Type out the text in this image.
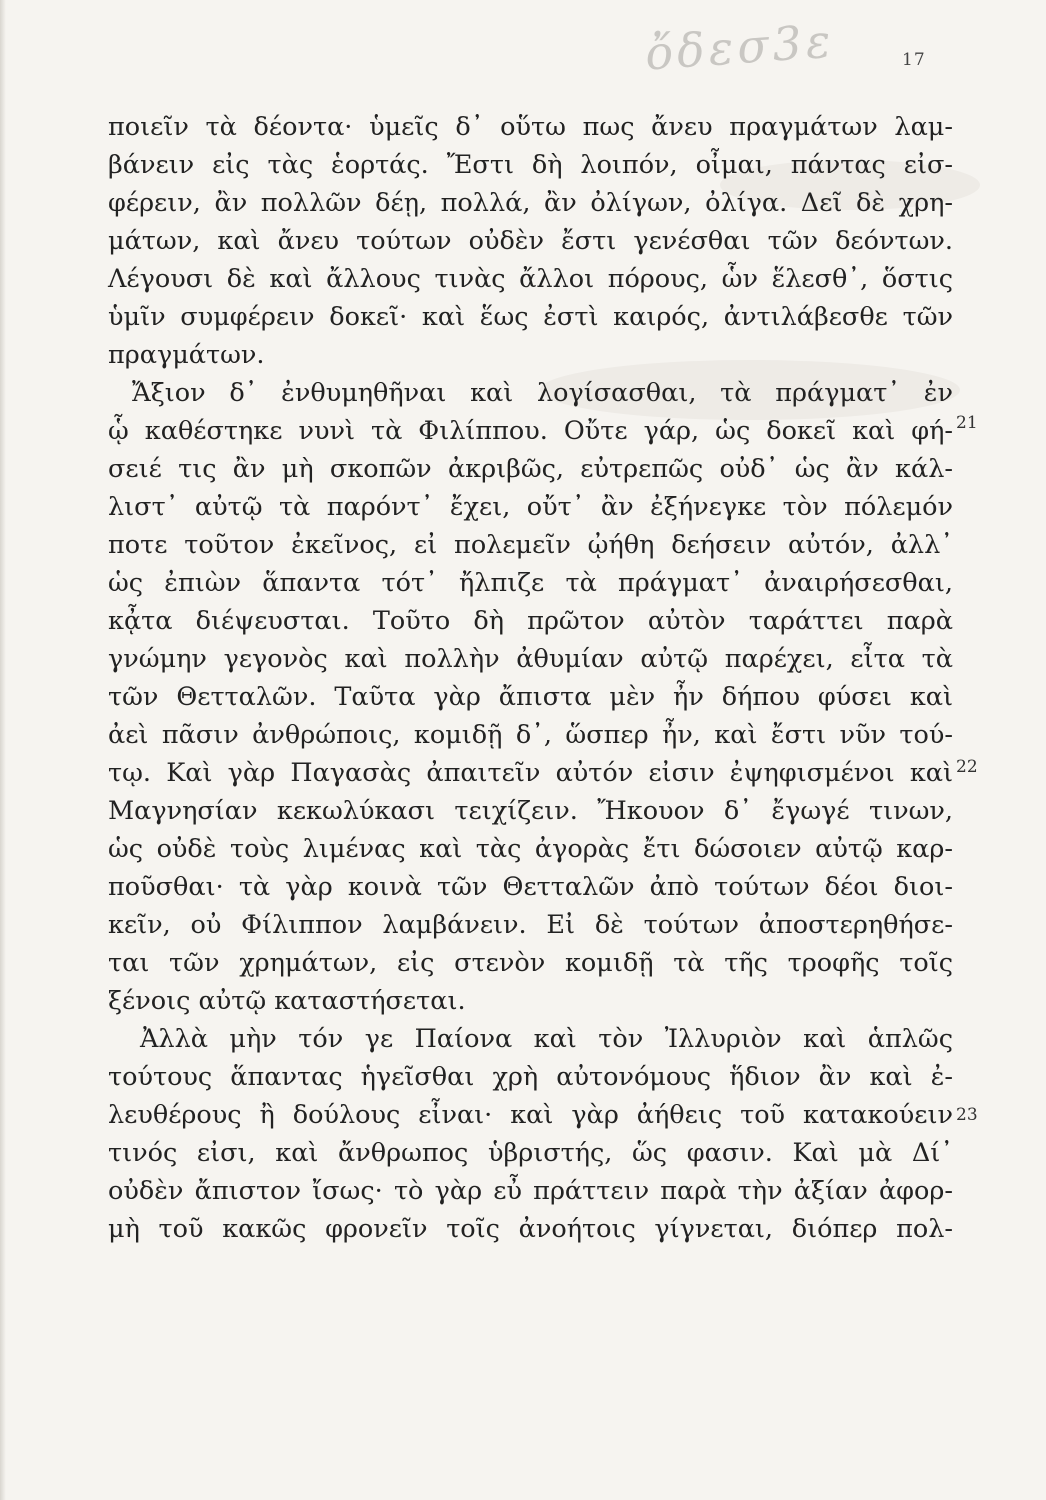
ὄδεσ3ε	17
ποιεῖν τὰ δέοντα· ὑμεῖς δ᾽ οὕτω πως ἄνευ πραγμάτων λαμ-
βάνειν εἰς τὰς ἑορτάς. Ἔστι δὴ λοιπόν, οἶμαι, πάντας εἰσ-
φέρειν, ἂν πολλῶν δέῃ, πολλά, ἂν ὀλίγων, ὀλίγα. Δεῖ δὲ χρη-
μάτων, καὶ ἄνευ τούτων οὐδὲν ἔστι γενέσθαι τῶν δεόντων.
Λέγουσι δὲ καὶ ἄλλους τινὰς ἄλλοι πόρους, ὧν ἕλεσθ᾽, ὅστις
ὑμῖν συμφέρειν δοκεῖ· καὶ ἕως ἐστὶ καιρός, ἀντιλάβεσθε τῶν
πραγμάτων.
Ἄξιον δ᾽ ἐνθυμηθῆναι καὶ λογίσασθαι, τὰ πράγματ᾽ ἐν
ᾧ καθέστηκε νυνὶ τὰ Φιλίππου. Οὔτε γάρ, ὡς δοκεῖ καὶ φή-
σειέ τις ἂν μὴ σκοπῶν ἀκριβῶς, εὐτρεπῶς οὐδ᾽ ὡς ἂν κάλ-
λιστ᾽ αὐτῷ τὰ παρόντ᾽ ἔχει, οὔτ᾽ ἂν ἐξήνεγκε τὸν πόλεμόν
ποτε τοῦτον ἐκεῖνος, εἰ πολεμεῖν ᾠήθη δεήσειν αὐτόν, ἀλλ᾽
ὡς ἐπιὼν ἅπαντα τότ᾽ ἤλπιζε τὰ πράγματ᾽ ἀναιρήσεσθαι,
κᾆτα διέψευσται. Τοῦτο δὴ πρῶτον αὐτὸν ταράττει παρὰ
γνώμην γεγονὸς καὶ πολλὴν ἀθυμίαν αὐτῷ παρέχει, εἶτα τὰ
τῶν Θετταλῶν. Ταῦτα γὰρ ἄπιστα μὲν ἦν δήπου φύσει καὶ
ἀεὶ πᾶσιν ἀνθρώποις, κομιδῇ δ᾽, ὥσπερ ἦν, καὶ ἔστι νῦν τού-
τῳ. Καὶ γὰρ Παγασὰς ἀπαιτεῖν αὐτόν εἰσιν ἐψηφισμένοι καὶ
Μαγνησίαν κεκωλύκασι τειχίζειν. Ἤκουον δ᾽ ἔγωγέ τινων,
ὡς οὐδὲ τοὺς λιμένας καὶ τὰς ἀγορὰς ἔτι δώσοιεν αὐτῷ καρ-
ποῦσθαι· τὰ γὰρ κοινὰ τῶν Θετταλῶν ἀπὸ τούτων δέοι διοι-
κεῖν, οὐ Φίλιππον λαμβάνειν. Εἰ δὲ τούτων ἀποστερηθήσε-
ται τῶν χρημάτων, εἰς στενὸν κομιδῇ τὰ τῆς τροφῆς τοῖς
ξένοις αὐτῷ καταστήσεται.
Ἀλλὰ μὴν τόν γε Παίονα καὶ τὸν Ἰλλυριὸν καὶ ἁπλῶς
τούτους ἅπαντας ἡγεῖσθαι χρὴ αὐτονόμους ἥδιον ἂν καὶ ἐ-
λευθέρους ἢ δούλους εἶναι· καὶ γὰρ ἀήθεις τοῦ κατακούειν
τινός εἰσι, καὶ ἄνθρωπος ὑβριστής, ὥς φασιν. Καὶ μὰ Δί᾽
οὐδὲν ἄπιστον ἴσως· τὸ γὰρ εὖ πράττειν παρὰ τὴν ἀξίαν ἀφορ-
μὴ τοῦ κακῶς φρονεῖν τοῖς ἀνοήτοις γίγνεται, διόπερ πολ-
21
22
23
